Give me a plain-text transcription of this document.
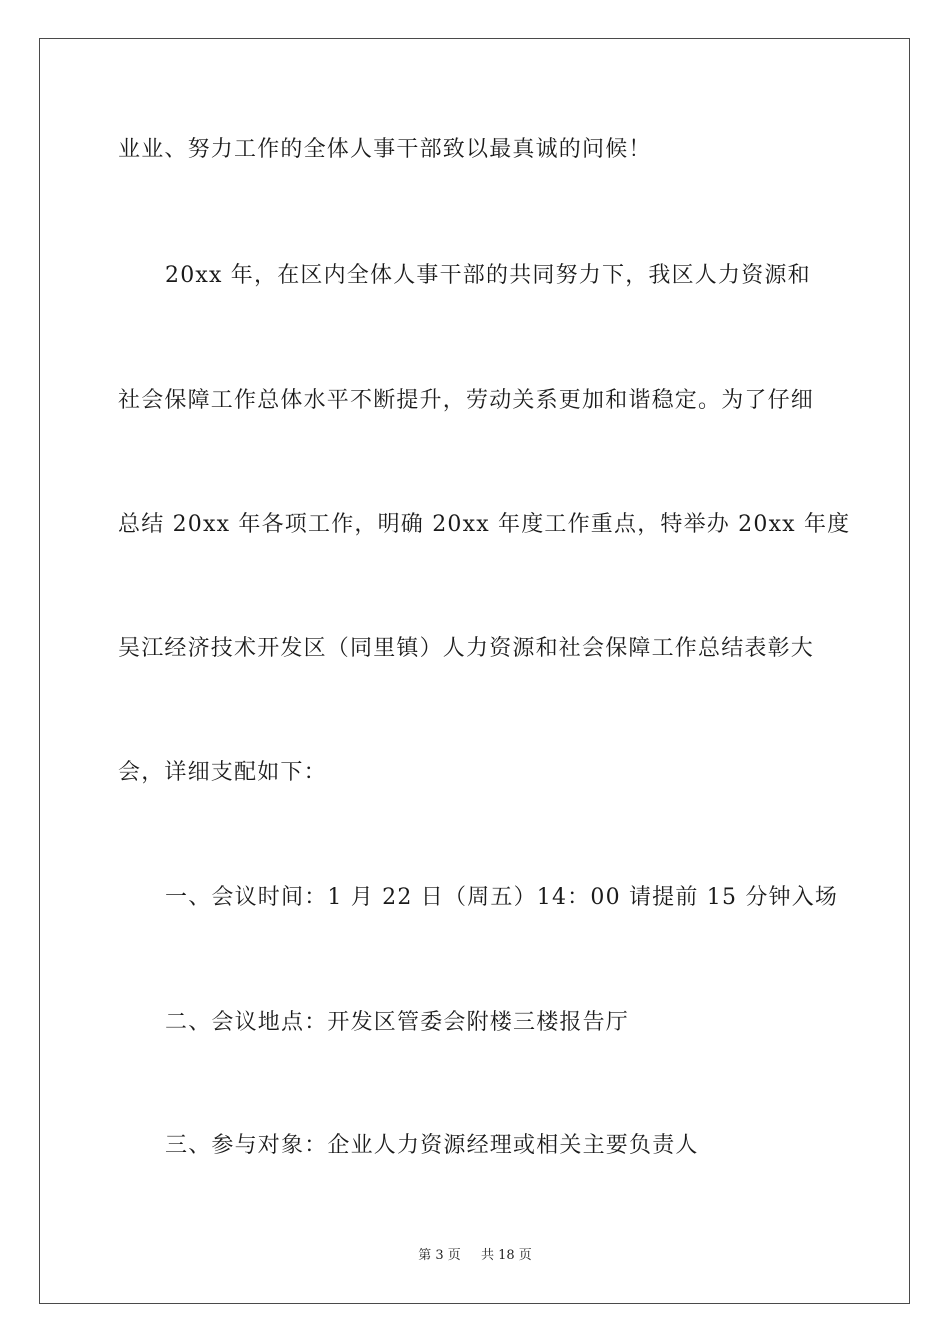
业业、努力工作的全体人事干部致以最真诚的问候！
20xx 年，在区内全体人事干部的共同努力下，我区人力资源和
社会保障工作总体水平不断提升，劳动关系更加和谐稳定。为了仔细
总结 20xx 年各项工作，明确 20xx 年度工作重点，特举办 20xx 年度
吴江经济技术开发区（同里镇）人力资源和社会保障工作总结表彰大
会，详细支配如下：
一、会议时间：1 月 22 日（周五）14：00 请提前 15 分钟入场
二、会议地点：开发区管委会附楼三楼报告厅
三、参与对象：企业人力资源经理或相关主要负责人
第 3 页 共 18 页
